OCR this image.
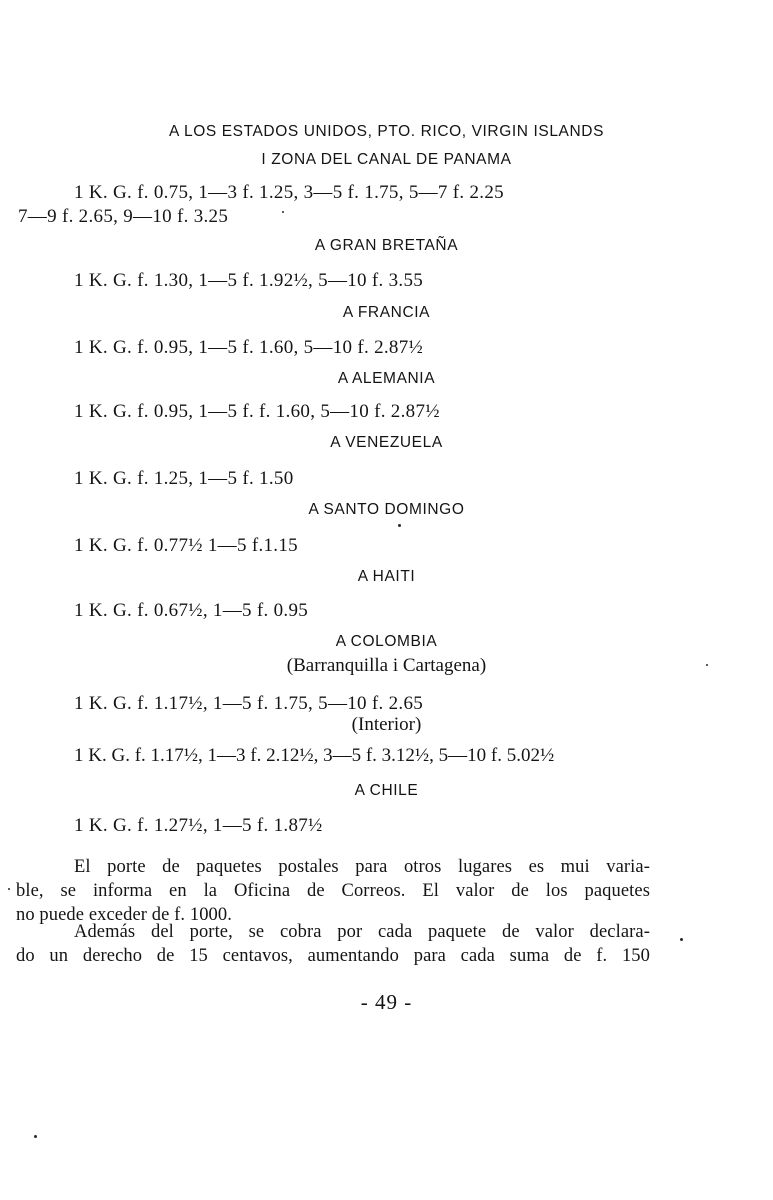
A LOS ESTADOS UNIDOS, PTO. RICO, VIRGIN ISLANDS
I ZONA DEL CANAL DE PANAMA
1 K. G. f. 0.75, 1—3 f. 1.25, 3—5 f. 1.75, 5—7 f. 2.25
7—9 f. 2.65, 9—10 f. 3.25
A GRAN BRETAÑA
1 K. G. f. 1.30, 1—5 f. 1.92½, 5—10 f. 3.55
A FRANCIA
1 K. G. f. 0.95, 1—5 f. 1.60, 5—10 f. 2.87½
A ALEMANIA
1 K. G. f. 0.95, 1—5 f. f. 1.60, 5—10 f. 2.87½
A VENEZUELA
1 K. G. f. 1.25, 1—5 f. 1.50
A SANTO DOMINGO
1 K. G. f. 0.77½ 1—5 f.1.15
A HAITI
1 K. G. f. 0.67½, 1—5 f. 0.95
A COLOMBIA
(Barranquilla i Cartagena)
1 K. G. f. 1.17½, 1—5 f. 1.75, 5—10 f. 2.65
(Interior)
1 K. G. f. 1.17½, 1—3 f. 2.12½, 3—5 f. 3.12½, 5—10 f. 5.02½
A CHILE
1 K. G. f. 1.27½, 1—5 f. 1.87½
El porte de paquetes postales para otros lugares es mui varia-
ble, se informa en la Oficina de Correos. El valor de los paquetes
no puede exceder de f. 1000.
Además del porte, se cobra por cada paquete de valor declara-
do un derecho de 15 centavos, aumentando para cada suma de f. 150
- 49 -
